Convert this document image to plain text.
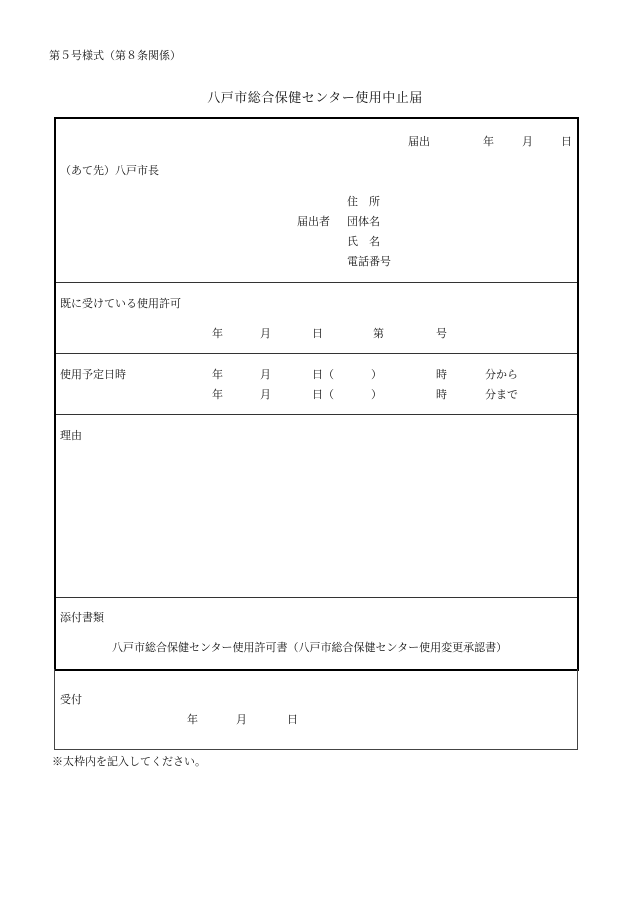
第５号様式（第８条関係）
八戸市総合保健センター使用中止届
届出	年	月	日
（あて先）八戸市長
住　所
届出者 団体名
氏　名
電話番号
既に受けている使用許可
年	月	日	第	号
使用予定日時	年	月	日（	）	時	分から
年	月	日（	）	時	分まで
理由
添付書類
八戸市総合保健センター使用許可書（八戸市総合保健センター使用変更承認書）
受付
年	月	日
※太枠内を記入してください。
